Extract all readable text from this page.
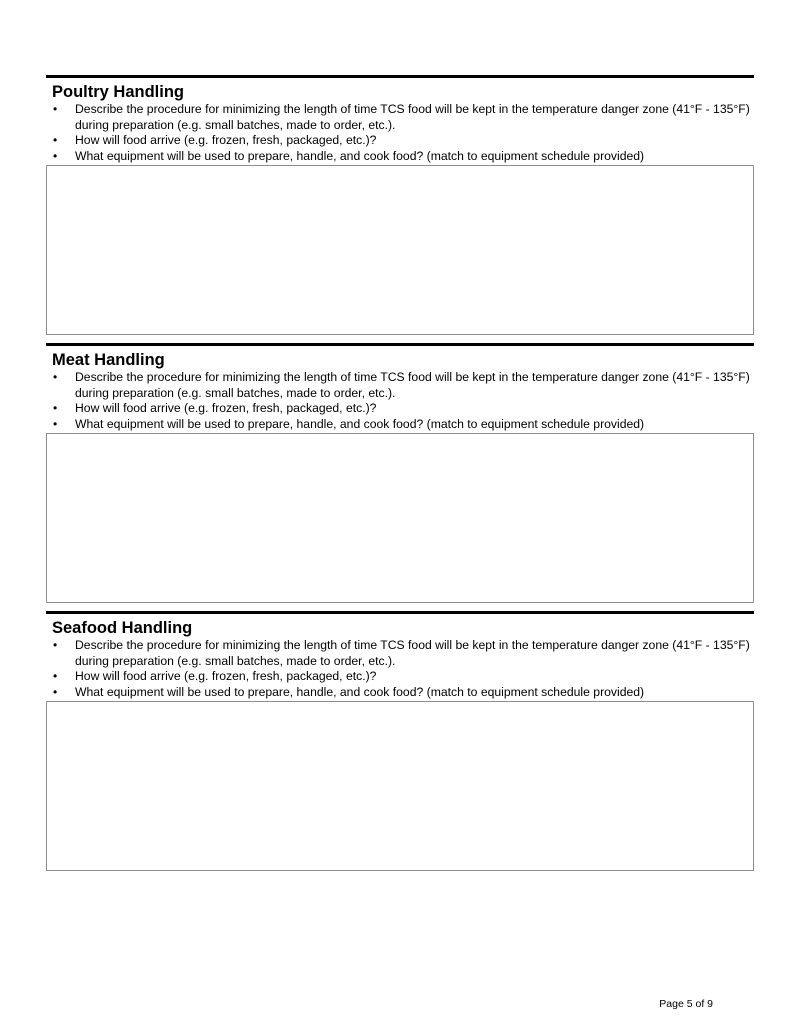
Poultry Handling
• Describe the procedure for minimizing the length of time TCS food will be kept in the temperature danger zone (41°F - 135°F) during preparation (e.g. small batches, made to order, etc.).
• How will food arrive (e.g. frozen, fresh, packaged, etc.)?
• What equipment will be used to prepare, handle, and cook food? (match to equipment schedule provided)
Meat Handling
• Describe the procedure for minimizing the length of time TCS food will be kept in the temperature danger zone (41°F - 135°F) during preparation (e.g. small batches, made to order, etc.).
• How will food arrive (e.g. frozen, fresh, packaged, etc.)?
• What equipment will be used to prepare, handle, and cook food? (match to equipment schedule provided)
Seafood Handling
• Describe the procedure for minimizing the length of time TCS food will be kept in the temperature danger zone (41°F - 135°F) during preparation (e.g. small batches, made to order, etc.).
• How will food arrive (e.g. frozen, fresh, packaged, etc.)?
• What equipment will be used to prepare, handle, and cook food? (match to equipment schedule provided)
Page 5 of 9
